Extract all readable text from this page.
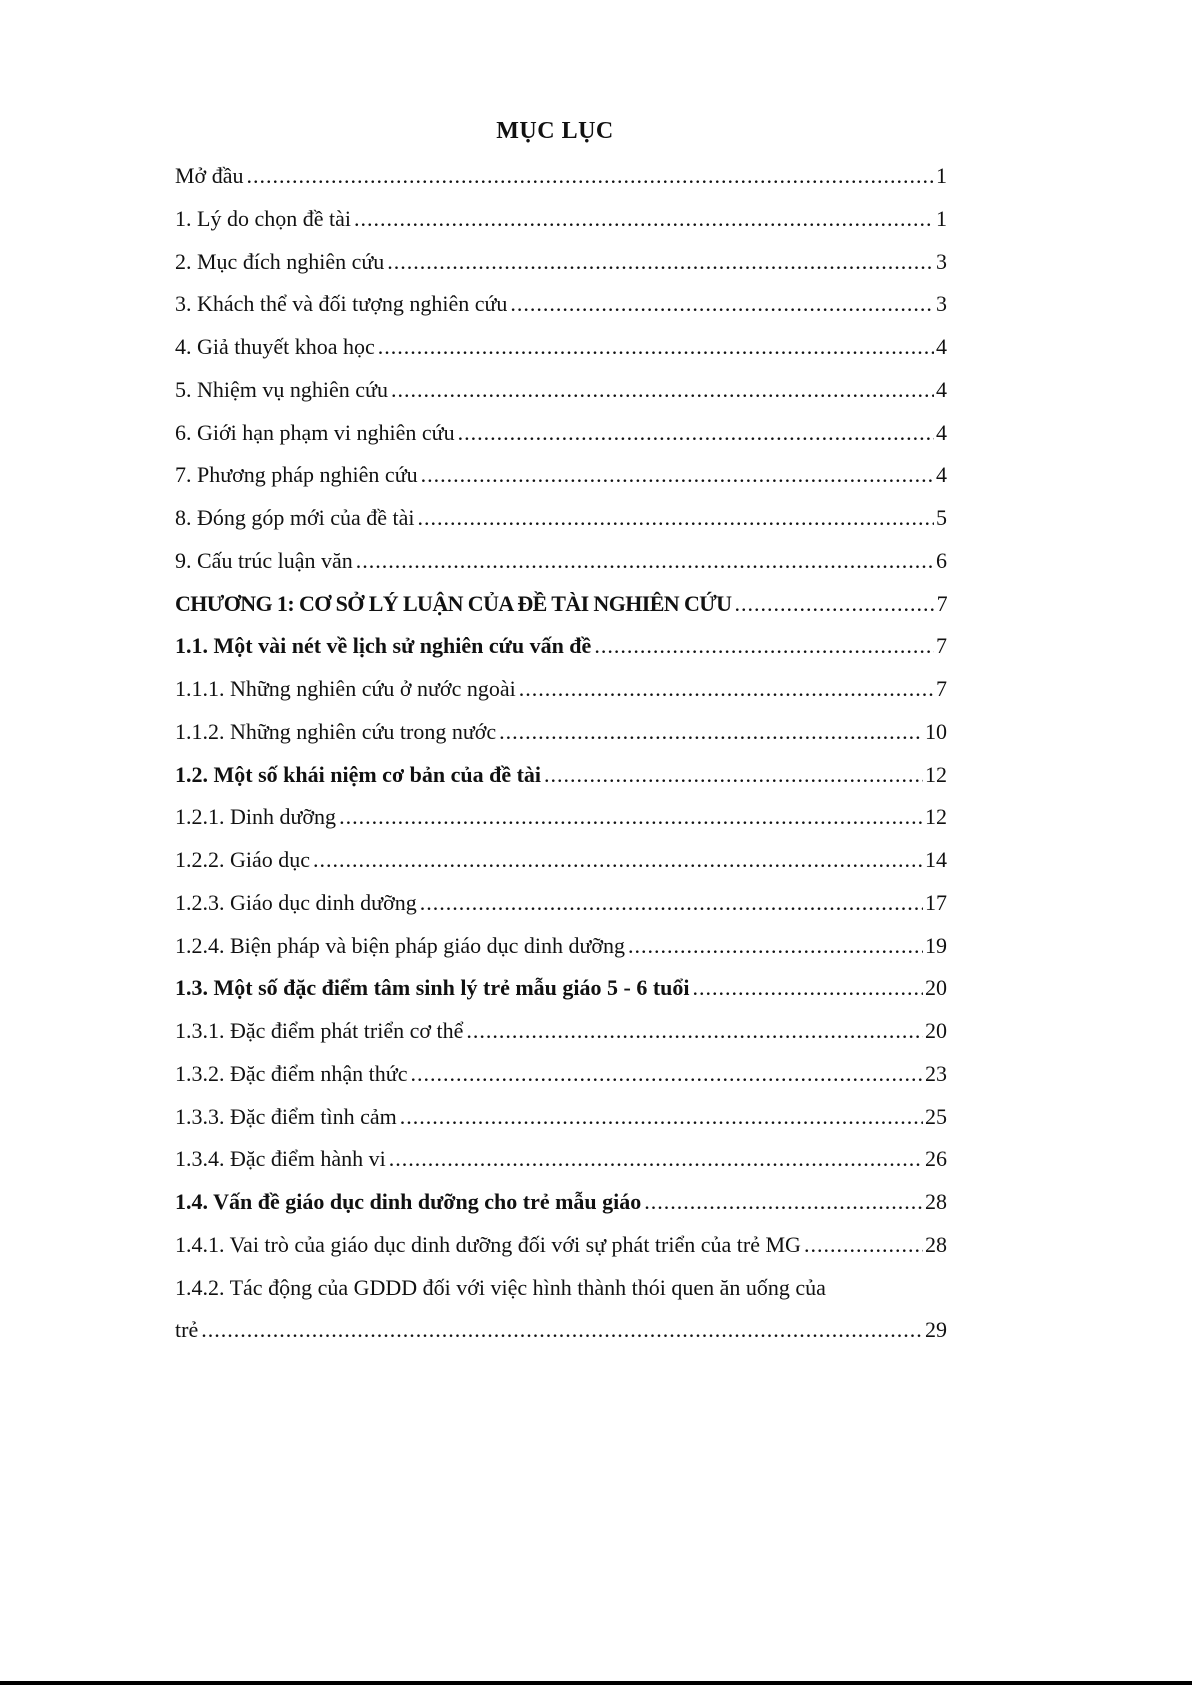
MỤC LỤC
Mở đầu .....	1
1. Lý do chọn đề tài .....	1
2. Mục đích nghiên cứu .....	3
3. Khách thể và đối tượng nghiên cứu .....	3
4. Giả thuyết khoa học .....	4
5. Nhiệm vụ nghiên cứu .....	4
6. Giới hạn phạm vi nghiên cứu .....	4
7. Phương pháp nghiên cứu .....	4
8. Đóng góp mới của đề tài .....	5
9. Cấu trúc luận văn .....	6
CHƯƠNG 1: CƠ SỞ LÝ LUẬN CỦA ĐỀ TÀI NGHIÊN CỨU .....	7
1.1. Một vài nét về lịch sử nghiên cứu vấn đề .....	7
1.1.1. Những nghiên cứu ở nước ngoài .....	7
1.1.2. Những nghiên cứu trong nước .....	10
1.2. Một số khái niệm cơ bản của đề tài .....	12
1.2.1. Dinh dưỡng .....	12
1.2.2. Giáo dục .....	14
1.2.3. Giáo dục dinh dưỡng .....	17
1.2.4. Biện pháp và biện pháp giáo dục dinh dưỡng .....	19
1.3. Một số đặc điểm tâm sinh lý trẻ mẫu giáo 5 - 6 tuổi .....	20
1.3.1. Đặc điểm phát triển cơ thể .....	20
1.3.2. Đặc điểm nhận thức .....	23
1.3.3. Đặc điểm tình cảm .....	25
1.3.4. Đặc điểm hành vi .....	26
1.4. Vấn đề giáo dục dinh dưỡng cho trẻ mẫu giáo .....	28
1.4.1. Vai trò của giáo dục dinh dưỡng đối với sự phát triển của trẻ MG .....	28
1.4.2. Tác động của GDDD đối với việc hình thành thói quen ăn uống của
trẻ .....	29
